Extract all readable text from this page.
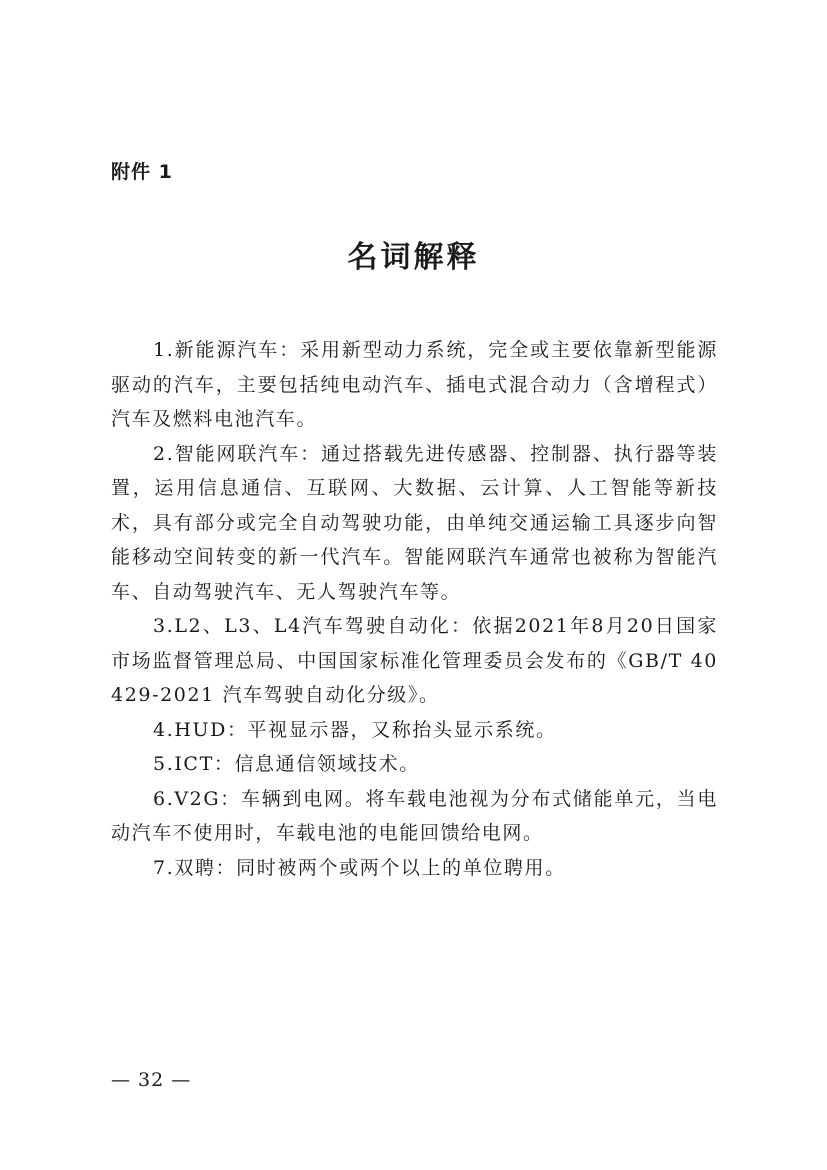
附件 1
名词解释

1.新能源汽车：采用新型动力系统，完全或主要依靠新型能源驱动的汽车，主要包括纯电动汽车、插电式混合动力（含增程式）汽车及燃料电池汽车。

2.智能网联汽车：通过搭载先进传感器、控制器、执行器等装置，运用信息通信、互联网、大数据、云计算、人工智能等新技术，具有部分或完全自动驾驶功能，由单纯交通运输工具逐步向智能移动空间转变的新一代汽车。智能网联汽车通常也被称为智能汽车、自动驾驶汽车、无人驾驶汽车等。

3.L2、L3、L4汽车驾驶自动化：依据2021年8月20日国家市场监督管理总局、中国国家标准化管理委员会发布的《GB/T 40429-2021 汽车驾驶自动化分级》。

4.HUD：平视显示器，又称抬头显示系统。

5.ICT：信息通信领域技术。

6.V2G：车辆到电网。将车载电池视为分布式储能单元，当电动汽车不使用时，车载电池的电能回馈给电网。

7.双聘：同时被两个或两个以上的单位聘用。

— 32 —
